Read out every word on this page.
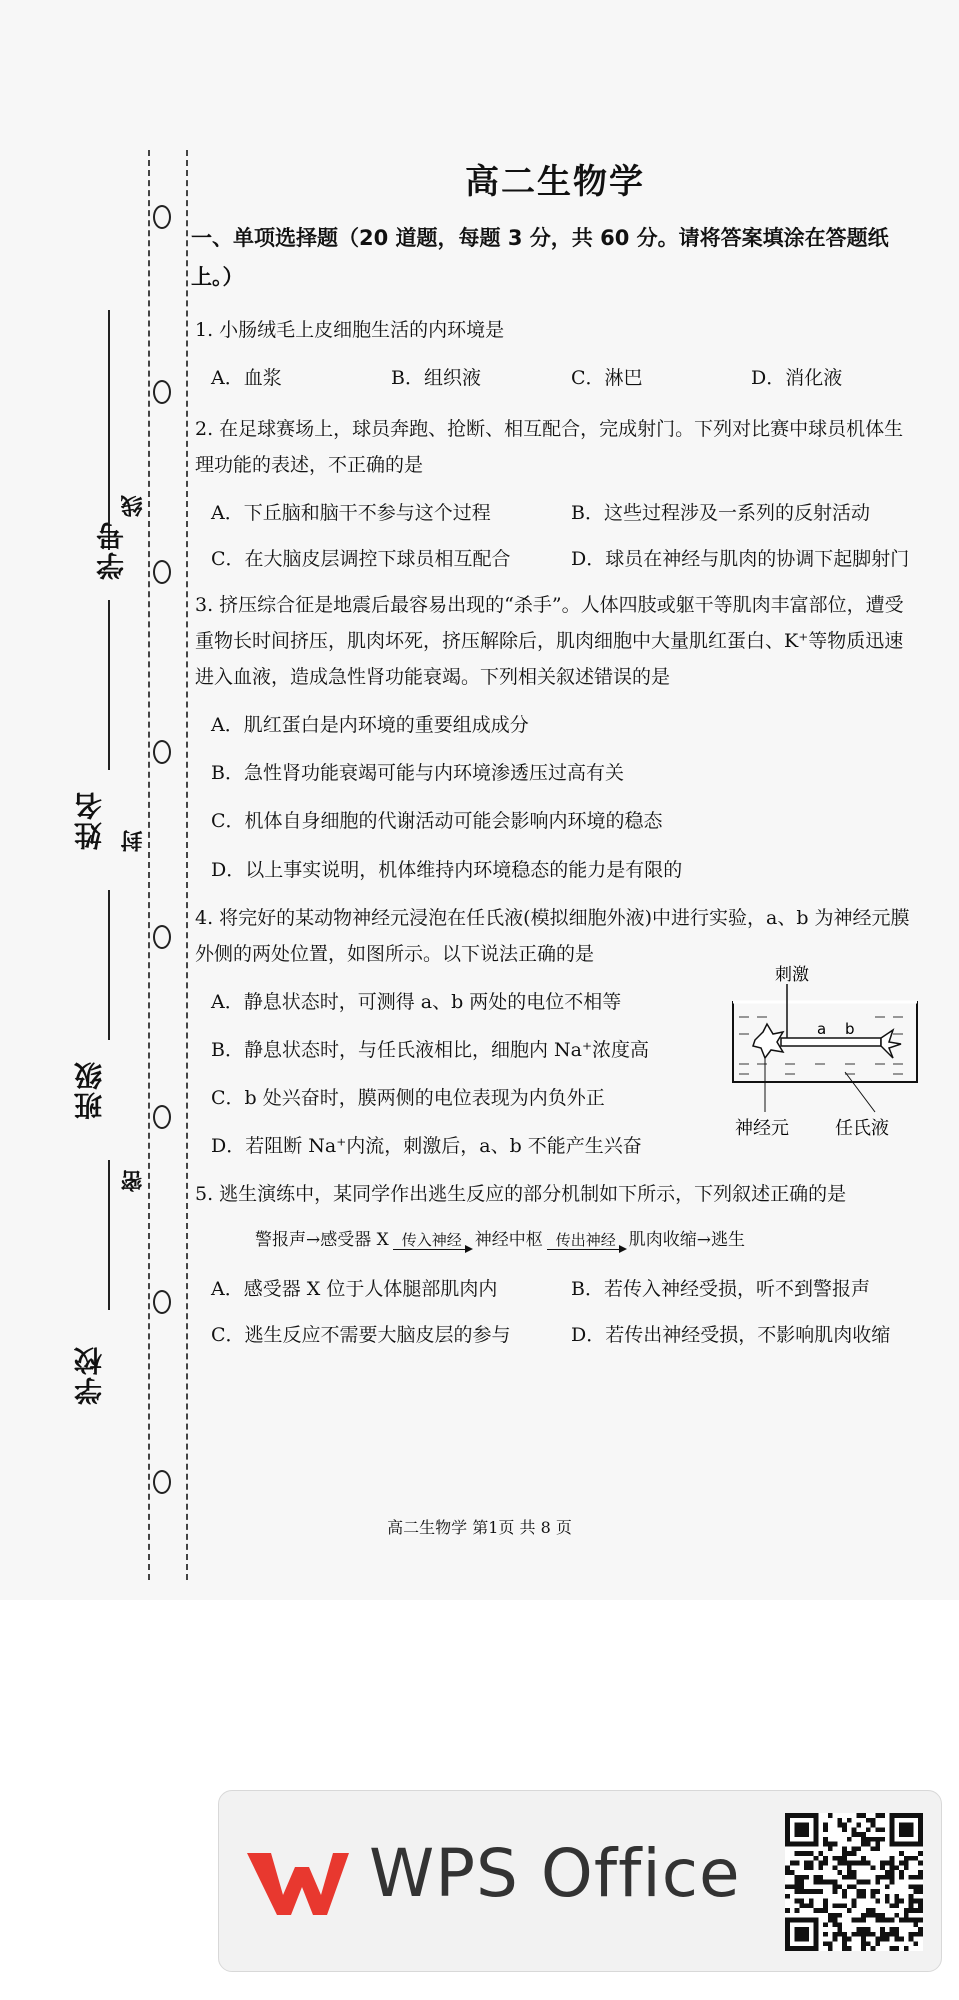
学号
姓名
班级
学校
线
封
密
高二生物学
一、单项选择题（20 道题，每题 3 分，共 60 分。请将答案填涂在答题纸上。）
1. 小肠绒毛上皮细胞生活的内环境是
A．血浆	B．组织液	C．淋巴	D．消化液
2. 在足球赛场上，球员奔跑、抢断、相互配合，完成射门。下列对比赛中球员机体生理功能的表述，不正确的是
A．下丘脑和脑干不参与这个过程	B．这些过程涉及一系列的反射活动
C．在大脑皮层调控下球员相互配合	D．球员在神经与肌肉的协调下起脚射门
3. 挤压综合征是地震后最容易出现的“杀手”。人体四肢或躯干等肌肉丰富部位，遭受重物长时间挤压，肌肉坏死，挤压解除后，肌肉细胞中大量肌红蛋白、K⁺等物质迅速进入血液，造成急性肾功能衰竭。下列相关叙述错误的是
A．肌红蛋白是内环境的重要组成成分
B．急性肾功能衰竭可能与内环境渗透压过高有关
C．机体自身细胞的代谢活动可能会影响内环境的稳态
D．以上事实说明，机体维持内环境稳态的能力是有限的
4. 将完好的某动物神经元浸泡在任氏液(模拟细胞外液)中进行实验，a、b 为神经元膜外侧的两处位置，如图所示。以下说法正确的是
A．静息状态时，可测得 a、b 两处的电位不相等
B．静息状态时，与任氏液相比，细胞内 Na⁺浓度高
C．b 处兴奋时，膜两侧的电位表现为内负外正
D．若阻断 Na⁺内流，刺激后，a、b 不能产生兴奋
刺激
a b
神经元	任氏液
5. 逃生演练中，某同学作出逃生反应的部分机制如下所示，下列叙述正确的是
警报声→感受器 X 传入神经 神经中枢 传出神经 肌肉收缩→逃生
A．感受器 X 位于人体腿部肌肉内	B．若传入神经受损，听不到警报声
C．逃生反应不需要大脑皮层的参与	D．若传出神经受损，不影响肌肉收缩
高二生物学 第1页 共 8 页
WPS Office
